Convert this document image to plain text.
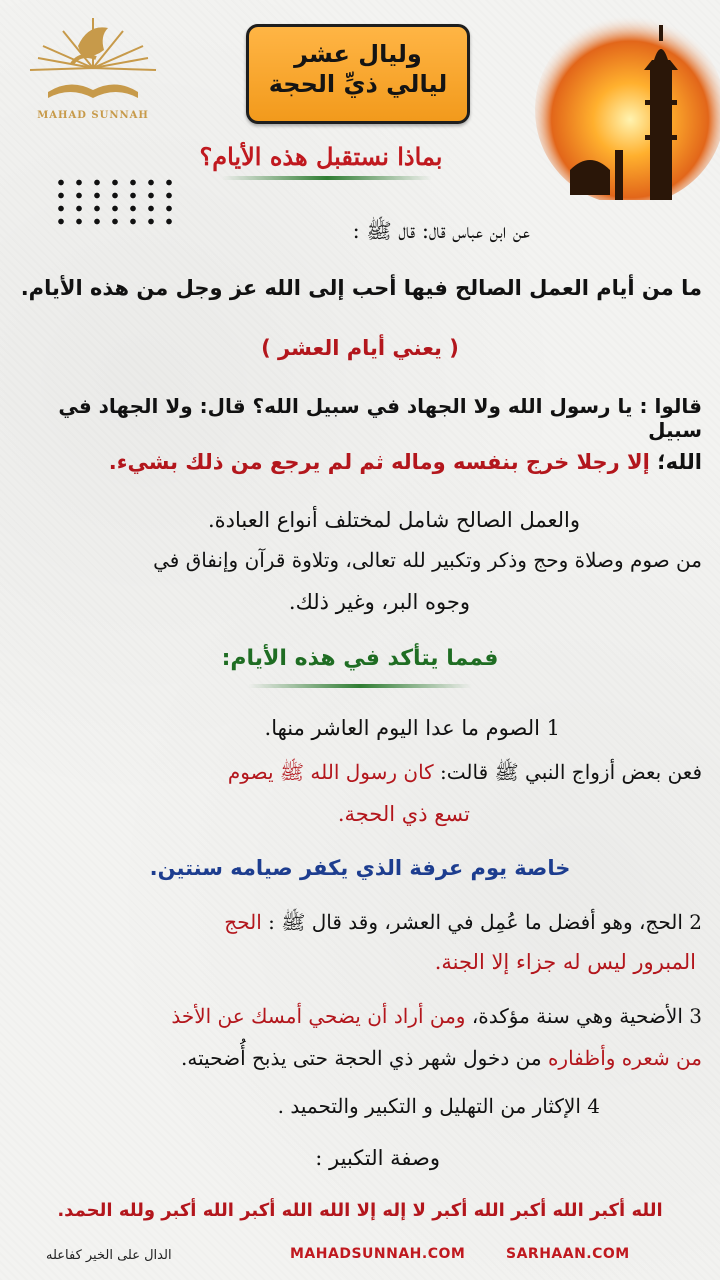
MAHAD SUNNAH
وليال عشر
ليالي ذيِّ الحجة
بماذا نستقبل هذه الأيام؟
عن ابن عباس قال: قال ﷺ :
ما من أيام العمل الصالح فيها أحب إلى الله عز وجل من هذه الأيام.
( يعني أيام العشر )
قالوا : يا رسول الله ولا الجهاد في سبيل الله؟ قال: ولا الجهاد في سبيل
الله؛ إلا رجلا خرج بنفسه وماله ثم لم يرجع من ذلك بشيء.
والعمل الصالح شامل لمختلف أنواع العبادة.
من صوم وصلاة وحج وذكر وتكبير لله تعالى، وتلاوة قرآن وإنفاق في
وجوه البر، وغير ذلك.
فمما يتأكد في هذه الأيام:
1 الصوم ما عدا اليوم العاشر منها.
فعن بعض أزواج النبي ﷺ قالت: كان رسول الله ﷺ يصوم
تسع ذي الحجة.
خاصة يوم عرفة الذي يكفر صيامه سنتين.
2 الحج، وهو أفضل ما عُمِل في العشر، وقد قال ﷺ : الحج
المبرور ليس له جزاء إلا الجنة.
3 الأضحية وهي سنة مؤكدة، ومن أراد أن يضحي أمسك عن الأخذ
من شعره وأظفاره من دخول شهر ذي الحجة حتى يذبح أُضحيته.
4 الإكثار من التهليل و التكبير والتحميد .
وصفة التكبير :
الله أكبر الله أكبر الله أكبر لا إله إلا الله الله أكبر الله أكبر ولله الحمد.
الدال على الخير كفاعله	MAHADSUNNAH.COM	SARHAAN.COM
